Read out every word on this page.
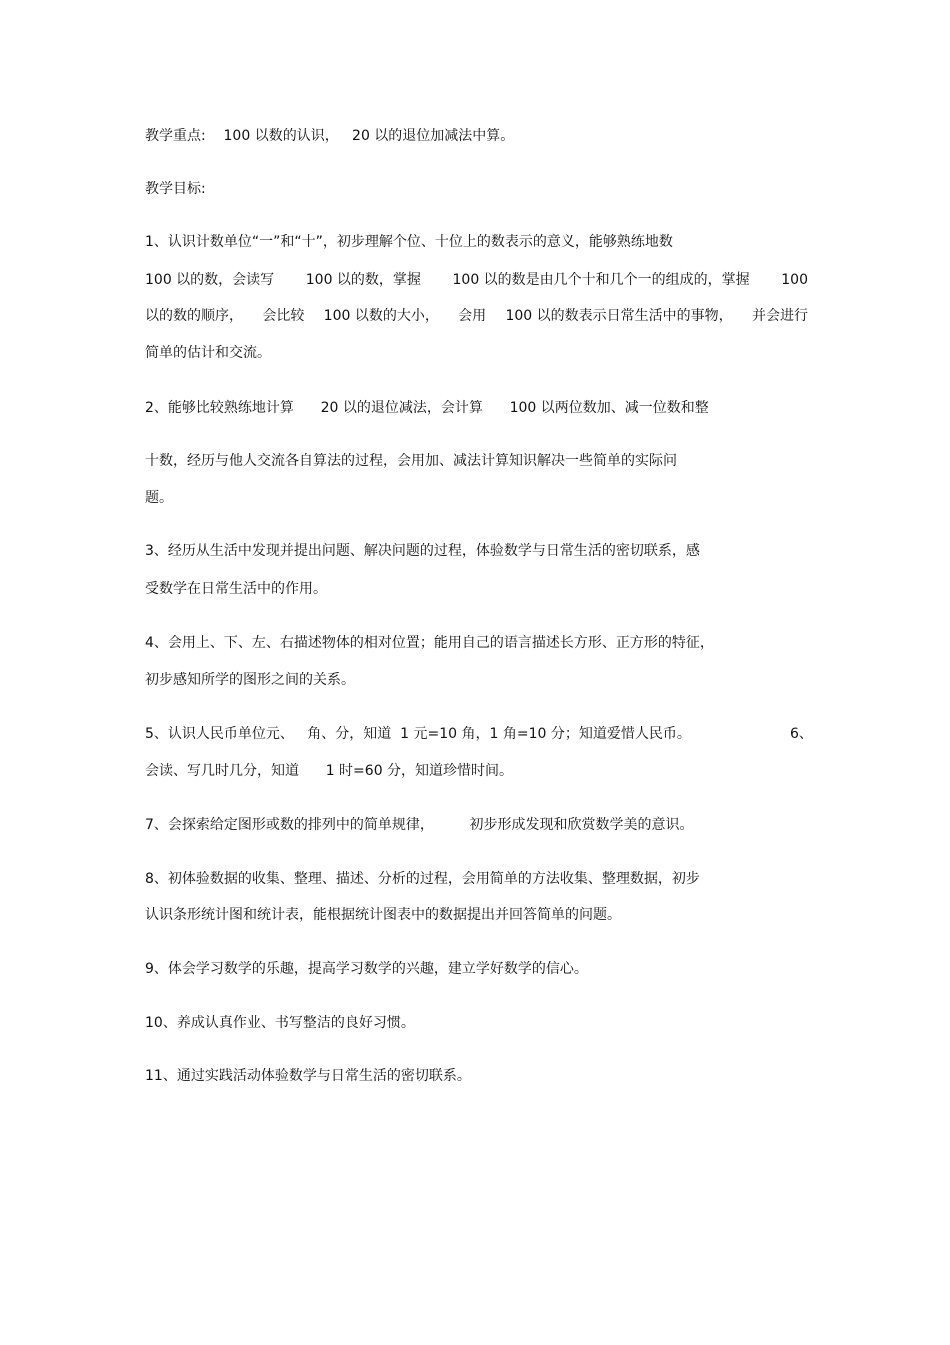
教学重点:    100 以数的认识，   20 以的退位加减法中算。
教学目标:
1、认识计数单位“一”和“十”，初步理解个位、十位上的数表示的意义，能够熟练地数
100 以的数，会读写 100 以的数，掌握 100 以的数是由几个十和几个一的组成的，掌握 100
以的数的顺序， 会比较 100 以数的大小， 会用 100 以的数表示日常生活中的事物， 并会进行
简单的估计和交流。
2、能够比较熟练地计算      20 以的退位减法，会计算      100 以两位数加、减一位数和整
十数，经历与他人交流各自算法的过程，会用加、减法计算知识解决一些简单的实际问
题。
3、经历从生活中发现并提出问题、解决问题的过程，体验数学与日常生活的密切联系，感
受数学在日常生活中的作用。
4、会用上、下、左、右描述物体的相对位置；能用自己的语言描述长方形、正方形的特征，
初步感知所学的图形之间的关系。
5、认识人民币单位元、   角、分，知道  1 元=10 角，1 角=10 分；知道爱惜人民币。	6、
会读、写几时几分，知道      1 时=60 分，知道珍惜时间。
7、会探索给定图形或数的排列中的简单规律，        初步形成发现和欣赏数学美的意识。
8、初体验数据的收集、整理、描述、分析的过程，会用简单的方法收集、整理数据，初步
认识条形统计图和统计表，能根据统计图表中的数据提出并回答简单的问题。
9、体会学习数学的乐趣，提高学习数学的兴趣，建立学好数学的信心。
10、养成认真作业、书写整洁的良好习惯。
11、通过实践活动体验数学与日常生活的密切联系。
